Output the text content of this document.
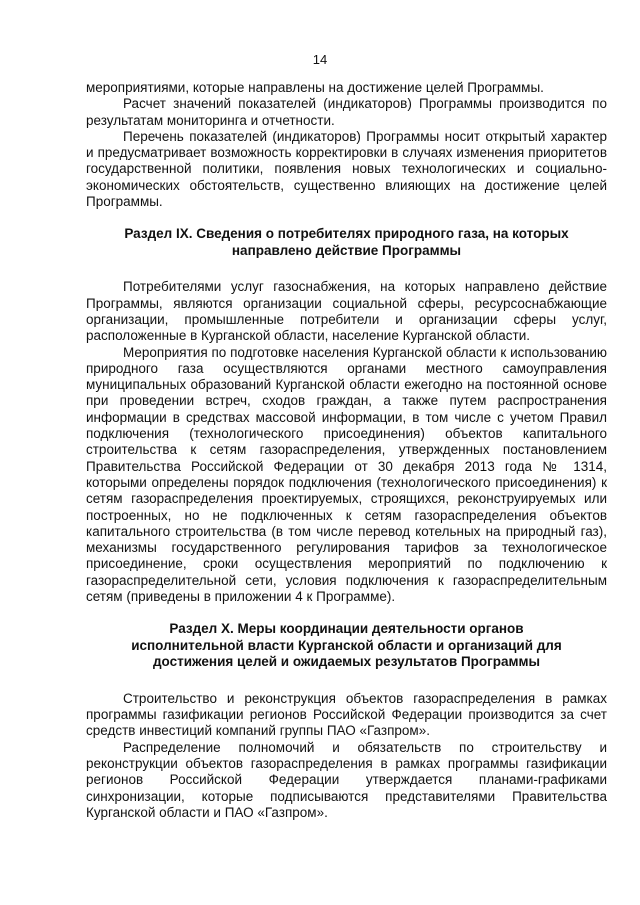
14

мероприятиями, которые направлены на достижение целей Программы.

Расчет значений показателей (индикаторов) Программы производится по результатам мониторинга и отчетности.

Перечень показателей (индикаторов) Программы носит открытый характер и предусматривает возможность корректировки в случаях изменения приоритетов государственной политики, появления новых технологических и социально-экономических обстоятельств, существенно влияющих на достижение целей Программы.

Раздел IX. Сведения о потребителях природного газа, на которых
направлено действие Программы

Потребителями услуг газоснабжения, на которых направлено действие Программы, являются организации социальной сферы, ресурсоснабжающие организации, промышленные потребители и организации сферы услуг, расположенные в Курганской области, население Курганской области.

Мероприятия по подготовке населения Курганской области к использованию природного газа осуществляются органами местного самоуправления муниципальных образований Курганской области ежегодно на постоянной основе при проведении встреч, сходов граждан, а также путем распространения информации в средствах массовой информации, в том числе с учетом Правил подключения (технологического присоединения) объектов капитального строительства к сетям газораспределения, утвержденных постановлением Правительства Российской Федерации от 30 декабря 2013 года № 1314, которыми определены порядок подключения (технологического присоединения) к сетям газораспределения проектируемых, строящихся, реконструируемых или построенных, но не подключенных к сетям газораспределения объектов капитального строительства (в том числе перевод котельных на природный газ), механизмы государственного регулирования тарифов за технологическое присоединение, сроки осуществления мероприятий по подключению к газораспределительной сети, условия подключения к газораспределительным сетям (приведены в приложении 4 к Программе).

Раздел X. Меры координации деятельности органов
исполнительной власти Курганской области и организаций для
достижения целей и ожидаемых результатов Программы

Строительство и реконструкция объектов газораспределения в рамках программы газификации регионов Российской Федерации производится за счет средств инвестиций компаний группы ПАО «Газпром».

Распределение полномочий и обязательств по строительству и реконструкции объектов газораспределения в рамках программы газификации регионов Российской Федерации утверждается планами-графиками синхронизации, которые подписываются представителями Правительства Курганской области и ПАО «Газпром».
